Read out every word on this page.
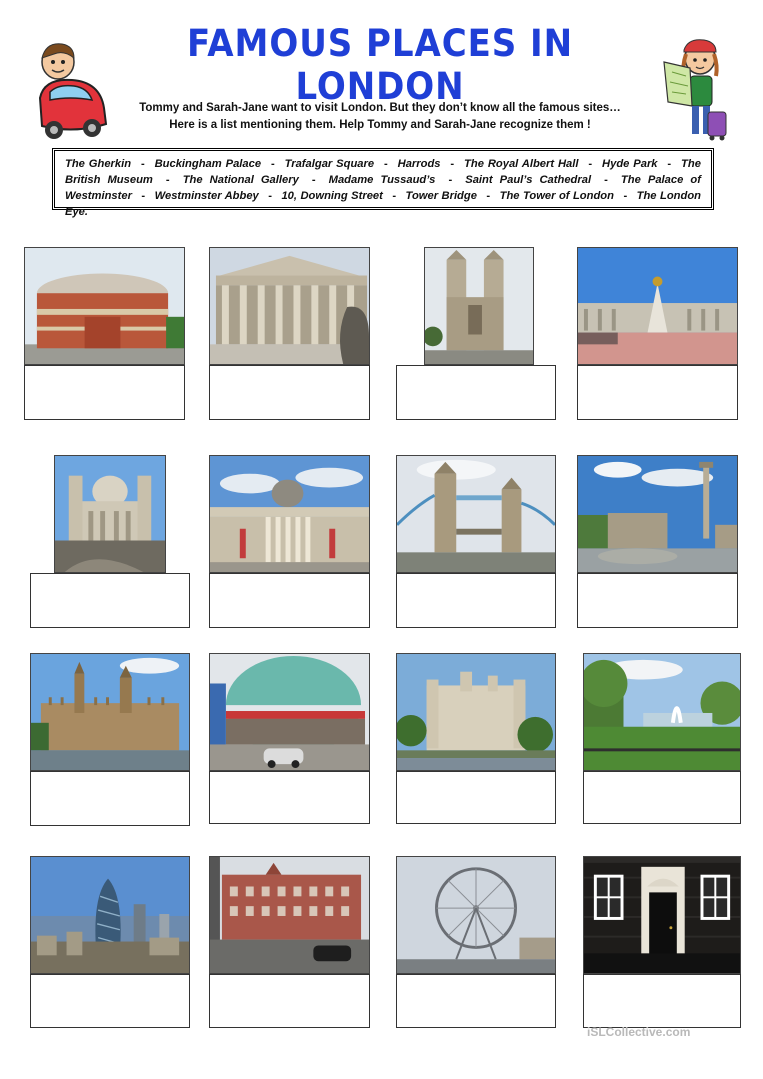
FAMOUS PLACES IN LONDON
Tommy and Sarah-Jane want to visit London. But they don’t know all the famous sites…
Here is a list mentioning them. Help Tommy and Sarah-Jane recognize them !
The Gherkin - Buckingham Palace - Trafalgar Square - Harrods - The Royal Albert Hall - Hyde Park - The British Museum - The National Gallery - Madame Tussaud’s - Saint Paul’s Cathedral - The Palace of Westminster - Westminster Abbey - 10, Downing Street - Tower Bridge - The Tower of London - The London Eye.
iSLCollective.com
